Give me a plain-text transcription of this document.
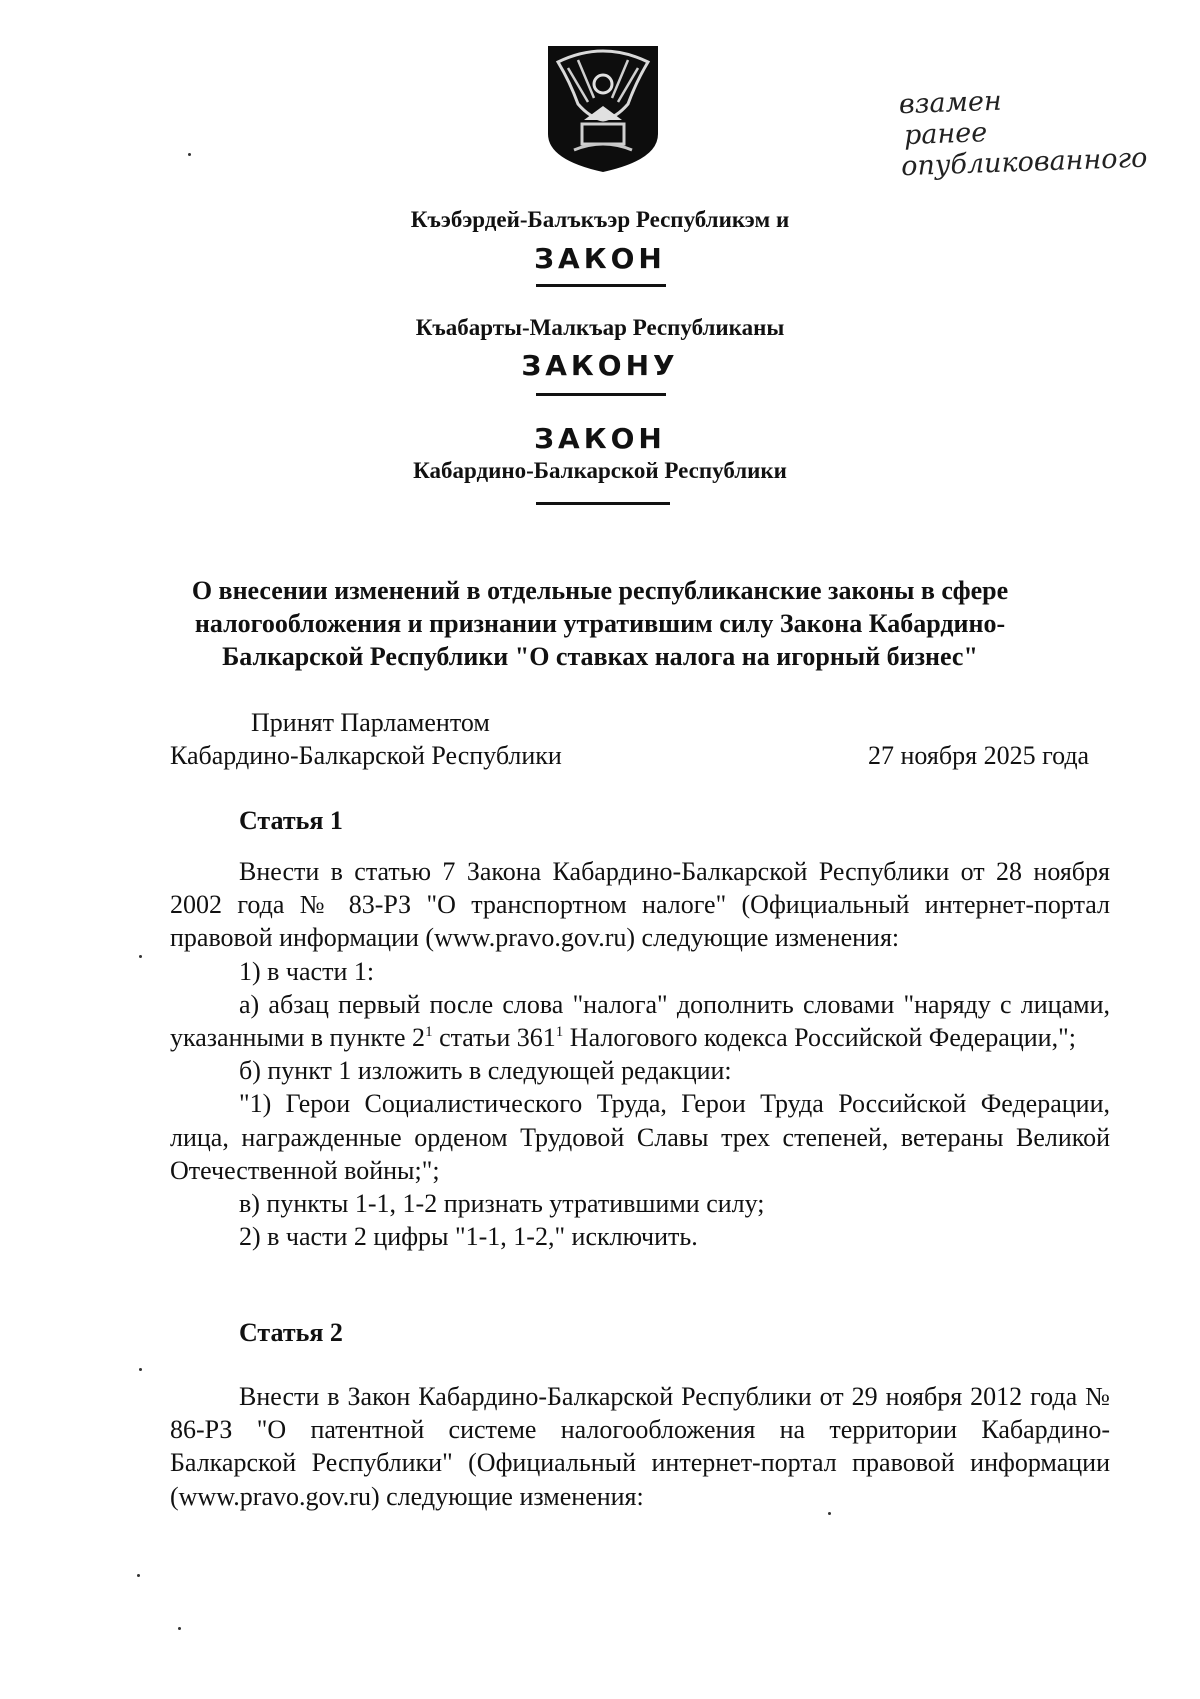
взамен
ранее
опубликованного
Къэбэрдей-Балъкъэр Республикэм и
ЗАКОН
Къабарты-Малкъар Республиканы
ЗАКОНУ
ЗАКОН
Кабардино-Балкарской Республики
О внесении изменений в отдельные республиканские законы в сфере налогообложения и признании утратившим силу Закона Кабардино-Балкарской Республики "О ставках налога на игорный бизнес"
Принят Парламентом
Кабардино-Балкарской Республики	27 ноября 2025 года
Статья 1

Внести в статью 7 Закона Кабардино-Балкарской Республики от 28 ноября 2002 года № 83-РЗ "О транспортном налоге" (Официальный интернет-портал правовой информации (www.pravo.gov.ru) следующие изменения:

1) в части 1:

а) абзац первый после слова "налога" дополнить словами "наряду с лицами, указанными в пункте $2^1$ статьи $361^1$ Налогового кодекса Российской Федерации,";

б) пункт 1 изложить в следующей редакции:

"1) Герои Социалистического Труда, Герои Труда Российской Федерации, лица, награжденные орденом Трудовой Славы трех степеней, ветераны Великой Отечественной войны;";

в) пункты 1-1, 1-2 признать утратившими силу;

2) в части 2 цифры "1-1, 1-2," исключить.

Статья 2

Внести в Закон Кабардино-Балкарской Республики от 29 ноября 2012 года № 86-РЗ "О патентной системе налогообложения на территории Кабардино-Балкарской Республики" (Официальный интернет-портал правовой информации (www.pravo.gov.ru) следующие изменения:
